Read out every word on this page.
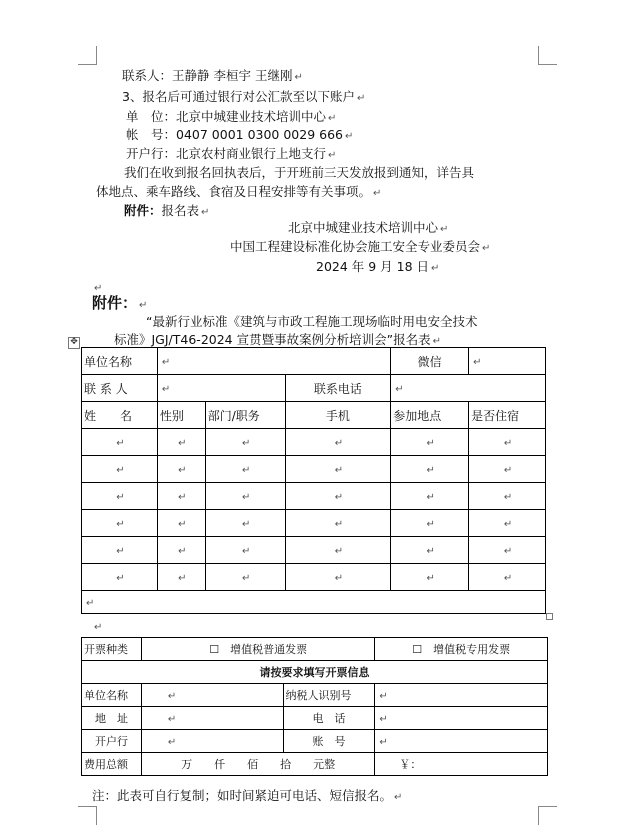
联系人：王静静 李桓宇 王继刚 ↵
3、报名后可通过银行对公汇款至以下账户 ↵
单　位：北京中城建业技术培训中心 ↵
帐　号：0407 0001 0300 0029 666 ↵
开户行：北京农村商业银行上地支行 ↵
我们在收到报名回执表后，于开班前三天发放报到通知，详告具
体地点、乘车路线、食宿及日程安排等有关事项。 ↵
附件：报名表 ↵
北京中城建业技术培训中心 ↵
中国工程建设标准化协会施工安全专业委员会 ↵
2024 年 9 月 18 日 ↵
↵
附件： ↵
“最新行业标准《建筑与市政工程施工现场临时用电安全技术
标准》JGJ/T46-2024 宣贯暨事故案例分析培训会”报名表 ↵
✥
单位名称	↵			微信	↵
联 系 人	↵		联系电话	↵	
姓　　名	性别	部门/职务	手机	参加地点	是否住宿
↵	↵	↵	↵	↵	↵
↵	↵	↵	↵	↵	↵
↵	↵	↵	↵	↵	↵
↵	↵	↵	↵	↵	↵
↵	↵	↵	↵	↵	↵
↵	↵	↵	↵	↵	↵
↵					
↵
开票种类	☐　增值税普通发票		☐　增值税专用发票
请按要求填写开票信息			
单位名称	　　↵	纳税人识别号	↵
地　址	　　↵	电　话	↵
开户行	　　↵	账　号	↵
费用总额	万　　仟　　佰　　拾　　元整	　　	￥：
注：此表可自行复制；如时间紧迫可电话、短信报名。 ↵
